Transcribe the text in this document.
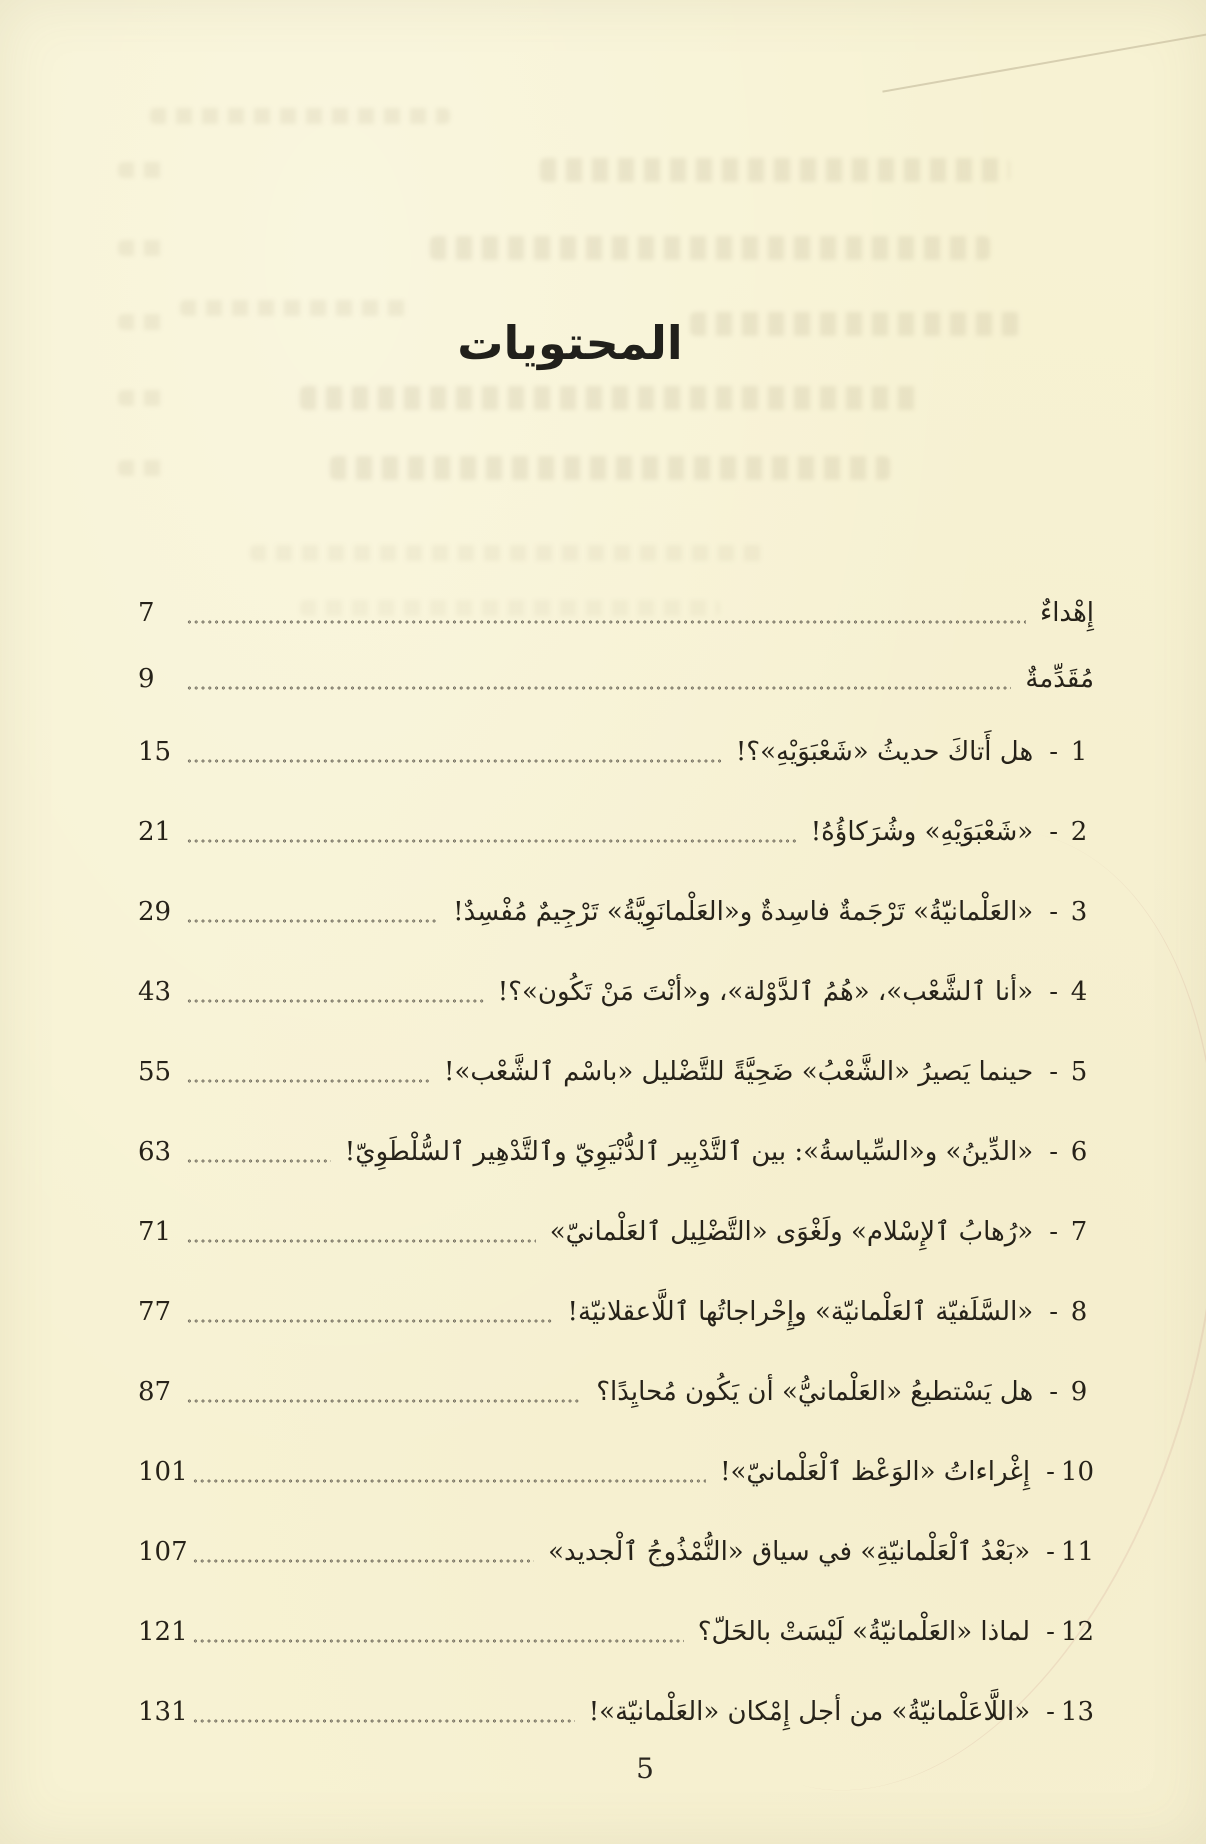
المحتويات
إِهْداءٌ
7
مُقَدِّمةٌ
9
1
-
هل أَتاكَ حديثُ «شَعْبَوَيْهِ»؟!
15
2
-
«شَعْبَوَيْهِ» وشُرَكاؤُهُ!
21
3
-
«العَلْمانيّةُ» تَرْجَمةٌ فاسِدةٌ و«العَلْمانَوِيَّةُ» تَرْجِيمٌ مُفْسِدٌ!
29
4
-
«أنا ٱلشَّعْب»، «هُمُ ٱلدَّوْلة»، و«أنْتَ مَنْ تَكُون»؟!
43
5
-
حينما يَصيرُ «الشَّعْبُ» ضَحِيَّةً للتَّضْليل «باسْم ٱلشَّعْب»!
55
6
-
«الدِّينُ» و«السِّياسةُ»: بين ٱلتَّدْبِير ٱلدُّنْيَوِيّ وٱلتَّدْهِير ٱلسُّلْطَوِيّ!
63
7
-
«رُهابُ ٱلإِسْلام» ولَغْوَى «التَّضْلِيل ٱلعَلْمانيّ»
71
8
-
«السَّلَفيّة ٱلعَلْمانيّة» وإِحْراجاتُها ٱللَّاعقلانيّة!
77
9
-
هل يَسْتطيعُ «العَلْمانيُّ» أن يَكُون مُحايِدًا؟
87
10
-
إِغْراءاتُ «الوَعْظ ٱلْعَلْمانيّ»!
101
11
-
«بَعْدُ ٱلْعَلْمانيّةِ» في سياق «النُّمْذُوجُ ٱلْجديد»
107
12
-
لماذا «العَلْمانيّةُ» لَيْسَتْ بالحَلّ؟
121
13
-
«اللَّاعَلْمانيّةُ» من أجل إِمْكان «العَلْمانيّة»!
131
5
